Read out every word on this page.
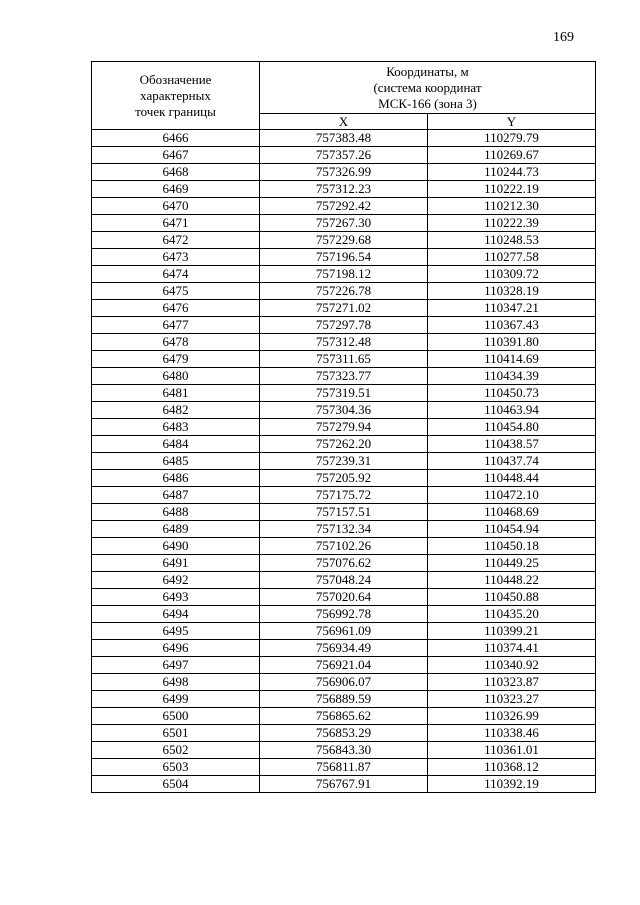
169
Обозначение
характерных
точек границы	Координаты, м
(система координат
МСК-166 (зона 3)	

	X	Y
6466	757383.48	110279.79
6467	757357.26	110269.67
6468	757326.99	110244.73
6469	757312.23	110222.19
6470	757292.42	110212.30
6471	757267.30	110222.39
6472	757229.68	110248.53
6473	757196.54	110277.58
6474	757198.12	110309.72
6475	757226.78	110328.19
6476	757271.02	110347.21
6477	757297.78	110367.43
6478	757312.48	110391.80
6479	757311.65	110414.69
6480	757323.77	110434.39
6481	757319.51	110450.73
6482	757304.36	110463.94
6483	757279.94	110454.80
6484	757262.20	110438.57
6485	757239.31	110437.74
6486	757205.92	110448.44
6487	757175.72	110472.10
6488	757157.51	110468.69
6489	757132.34	110454.94
6490	757102.26	110450.18
6491	757076.62	110449.25
6492	757048.24	110448.22
6493	757020.64	110450.88
6494	756992.78	110435.20
6495	756961.09	110399.21
6496	756934.49	110374.41
6497	756921.04	110340.92
6498	756906.07	110323.87
6499	756889.59	110323.27
6500	756865.62	110326.99
6501	756853.29	110338.46
6502	756843.30	110361.01
6503	756811.87	110368.12
6504	756767.91	110392.19
